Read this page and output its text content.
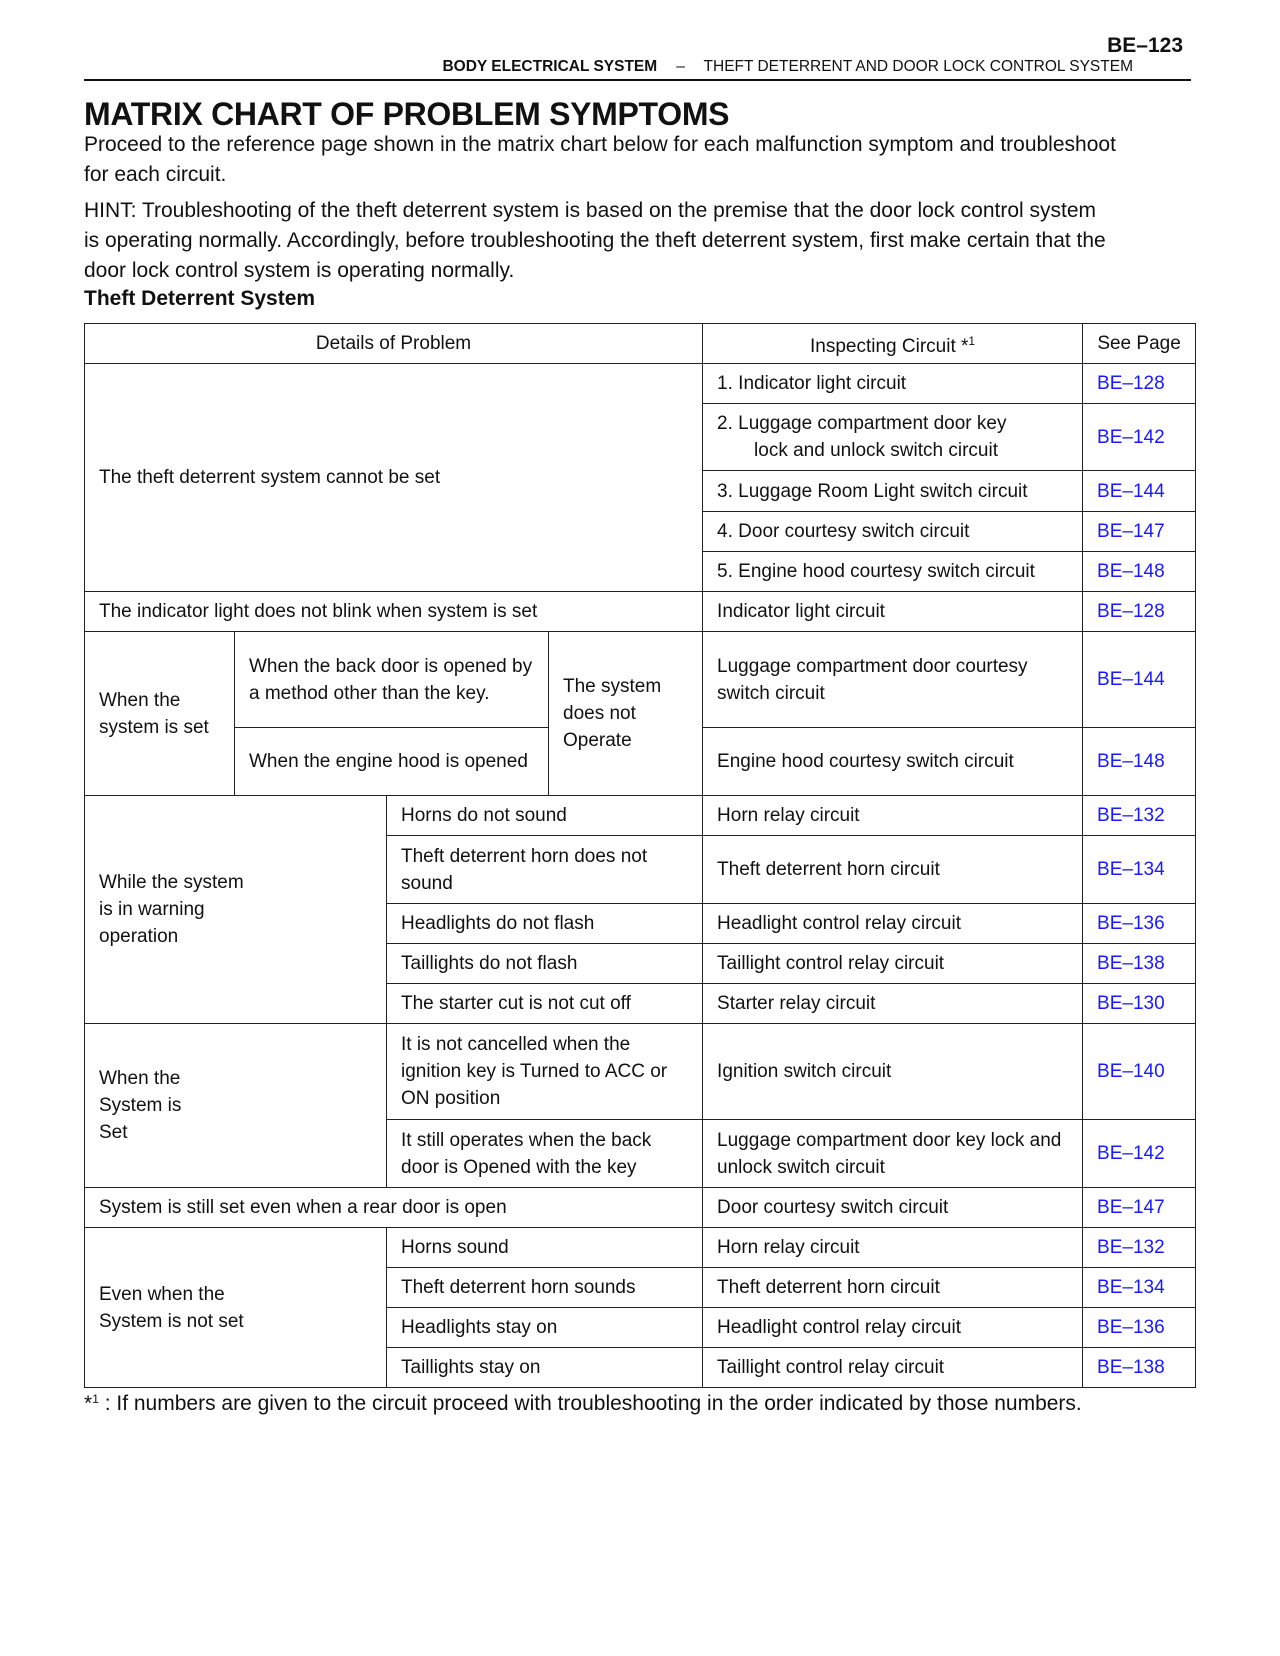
BE–123
BODY ELECTRICAL SYSTEM – THEFT DETERRENT AND DOOR LOCK CONTROL SYSTEM
MATRIX CHART OF PROBLEM SYMPTOMS
Proceed to the reference page shown in the matrix chart below for each malfunction symptom and troubleshoot
for each circuit.
HINT: Troubleshooting of the theft deterrent system is based on the premise that the door lock control system
is operating normally. Accordingly, before troubleshooting the theft deterrent system, first make certain that the
door lock control system is operating normally.
Theft Deterrent System
Details of Problem				Inspecting Circuit *$^1$	See Page
The theft deterrent system cannot be set				1. Indicator light circuit	BE–128

				2. Luggage compartment door key
lock and unlock switch circuit	BE–142
				3. Luggage Room Light switch circuit	BE–144
				4. Door courtesy switch circuit	BE–147
				5. Engine hood courtesy switch circuit	BE–148
The indicator light does not blink when system is set				Indicator light circuit	BE–128
When the system is set	When the back door is opened by a method other than the key.		The system does not Operate	Luggage compartment door courtesy switch circuit	BE–144
	When the engine hood is opened			Engine hood courtesy switch circuit	BE–148

While the system is in warning operation		Horns do not sound		Horn relay circuit	BE–132
		Theft deterrent horn does not sound		Theft deterrent horn circuit	BE–134
		Headlights do not flash		Headlight control relay circuit	BE–136
		Taillights do not flash		Taillight control relay circuit	BE–138
		The starter cut is not cut off		Starter relay circuit	BE–130

When the System is Set		It is not cancelled when the ignition key is Turned to ACC or ON position		Ignition switch circuit	BE–140
		It still operates when the back door is Opened with the key		Luggage compartment door key lock and unlock switch circuit	BE–142
System is still set even when a rear door is open				Door courtesy switch circuit	BE–147

Even when the System is not set		Horns sound		Horn relay circuit	BE–132
		Theft deterrent horn sounds		Theft deterrent horn circuit	BE–134
		Headlights stay on		Headlight control relay circuit	BE–136
		Taillights stay on		Taillight control relay circuit	BE–138
*$^1$ : If numbers are given to the circuit proceed with troubleshooting in the order indicated by those numbers.
